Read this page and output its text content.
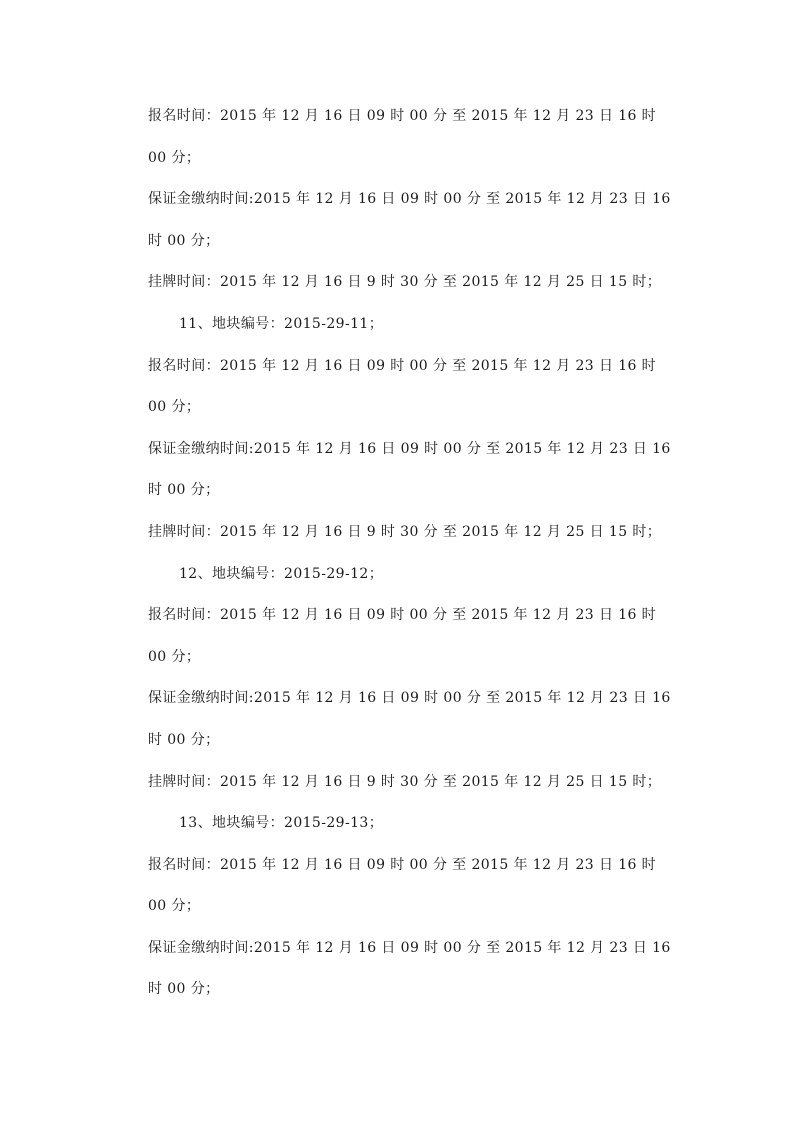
报名时间：2015 年 12 月 16 日 09 时 00 分 至 2015 年 12 月 23 日 16 时
00 分；
保证金缴纳时间:2015 年 12 月 16 日 09 时 00 分 至 2015 年 12 月 23 日 16
时 00 分；
挂牌时间：2015 年 12 月 16 日 9 时 30 分 至 2015 年 12 月 25 日 15 时；
11、地块编号：2015-29-11；
报名时间：2015 年 12 月 16 日 09 时 00 分 至 2015 年 12 月 23 日 16 时
00 分；
保证金缴纳时间:2015 年 12 月 16 日 09 时 00 分 至 2015 年 12 月 23 日 16
时 00 分；
挂牌时间：2015 年 12 月 16 日 9 时 30 分 至 2015 年 12 月 25 日 15 时；
12、地块编号：2015-29-12；
报名时间：2015 年 12 月 16 日 09 时 00 分 至 2015 年 12 月 23 日 16 时
00 分；
保证金缴纳时间:2015 年 12 月 16 日 09 时 00 分 至 2015 年 12 月 23 日 16
时 00 分；
挂牌时间：2015 年 12 月 16 日 9 时 30 分 至 2015 年 12 月 25 日 15 时；
13、地块编号：2015-29-13；
报名时间：2015 年 12 月 16 日 09 时 00 分 至 2015 年 12 月 23 日 16 时
00 分；
保证金缴纳时间:2015 年 12 月 16 日 09 时 00 分 至 2015 年 12 月 23 日 16
时 00 分；
